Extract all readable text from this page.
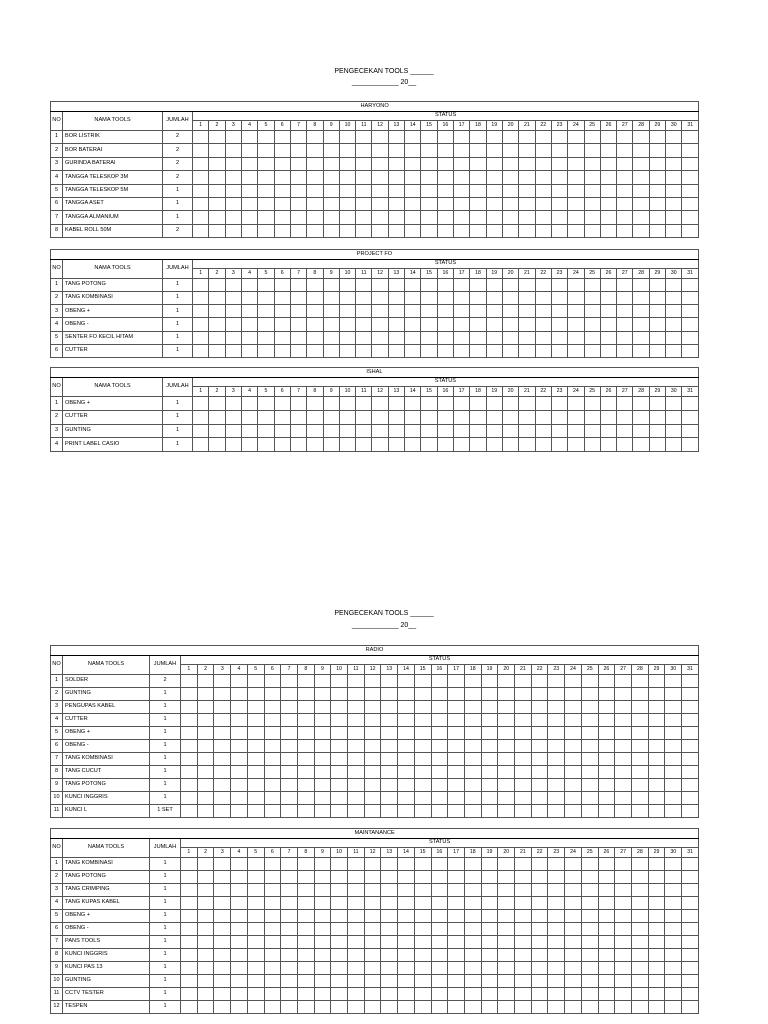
PENGECEKAN TOOLS ______
____________ 20__
HARYONO																																	
NO	NAMA TOOLS	JUMLAH	STATUS																														
			1	2	3	4	5	6	7	8	9	10	11	12	13	14	15	16	17	18	19	20	21	22	23	24	25	26	27	28	29	30	31
1	BOR LISTRIK	2																															
2	BOR BATERAI	2																															
3	GURINDA BATERAI	2																															
4	TANGGA TELESKOP 3M	2																															
5	TANGGA TELESKOP 5M	1																															
6	TANGGA ASET	1																															
7	TANGGA ALMANIUM	1																															
8	KABEL ROLL 50M	2																															
PROJECT FO																																	
NO	NAMA TOOLS	JUMLAH	STATUS																														
			1	2	3	4	5	6	7	8	9	10	11	12	13	14	15	16	17	18	19	20	21	22	23	24	25	26	27	28	29	30	31
1	TANG POTONG	1																															
2	TANG KOMBINASI	1																															
3	OBENG +	1																															
4	OBENG -	1																															
5	SENTER FO KECIL HITAM	1																															
6	CUTTER	1																															
ISHAL																																	
NO	NAMA TOOLS	JUMLAH	STATUS																														
			1	2	3	4	5	6	7	8	9	10	11	12	13	14	15	16	17	18	19	20	21	22	23	24	25	26	27	28	29	30	31
1	OBENG +	1																															
2	CUTTER	1																															
3	GUNTING	1																															
4	PRINT LABEL CASIO	1																															
PENGECEKAN TOOLS ______
____________ 20__
RADIO																																	
NO	NAMA TOOLS	JUMLAH	STATUS																														
			1	2	3	4	5	6	7	8	9	10	11	12	13	14	15	16	17	18	19	20	21	22	23	24	25	26	27	28	29	30	31
1	SOLDER	2																															
2	GUNTING	1																															
3	PENGUPAS KABEL	1																															
4	CUTTER	1																															
5	OBENG +	1																															
6	OBENG -	1																															
7	TANG KOMBINASI	1																															
8	TANG CUCUT	1																															
9	TANG POTONG	1																															
10	KUNCI INGGRIS	1																															
11	KUNCI L	1 SET																															
MAINTANANCE																																	
NO	NAMA TOOLS	JUMLAH	STATUS																														
			1	2	3	4	5	6	7	8	9	10	11	12	13	14	15	16	17	18	19	20	21	22	23	24	25	26	27	28	29	30	31
1	TANG KOMBINASI	1																															
2	TANG POTONG	1																															
3	TANG CRIMPING	1																															
4	TANG KUPAS KABEL	1																															
5	OBENG +	1																															
6	OBENG -	1																															
7	PANS TOOLS	1																															
8	KUNCI INGGRIS	1																															
9	KUNCI PAS 13	1																															
10	GUNTING	1																															
11	CCTV TESTER	1																															
12	TESPEN	1																															
